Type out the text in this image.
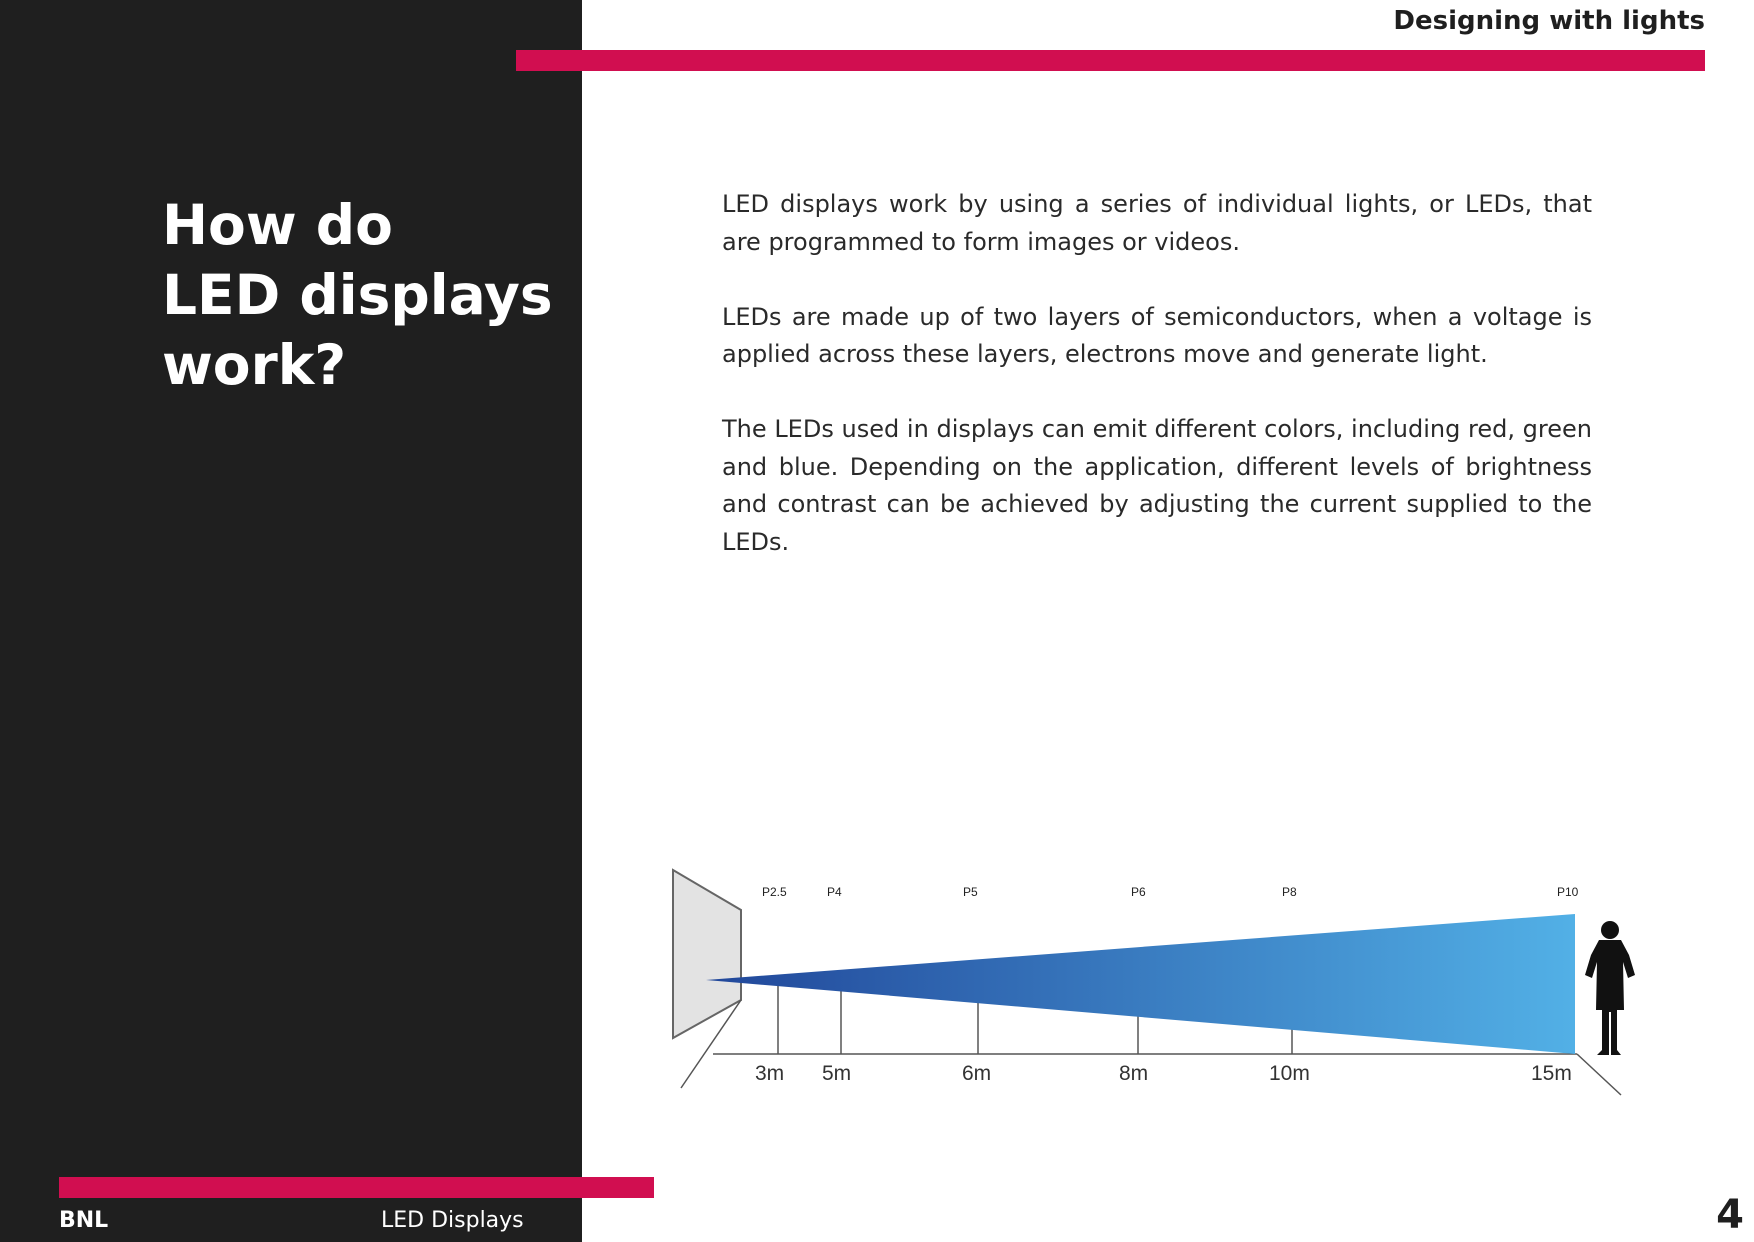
Designing with lights
How do
LED displays
work?

LED displays work by using a series of individual lights, or LEDs, that are programmed to form images or videos.

LEDs are made up of two layers of semiconductors, when a voltage is applied across these layers, electrons move and generate light.

The LEDs used in displays can emit different colors, including red, green and blue. Depending on the application, different levels of brightness and contrast can be achieved by adjusting the current supplied to the LEDs.

P2.5	P4	P5	P6	P8	P10
3m 5m	6m	8m	10m	15m
BNL	LED Displays	4
